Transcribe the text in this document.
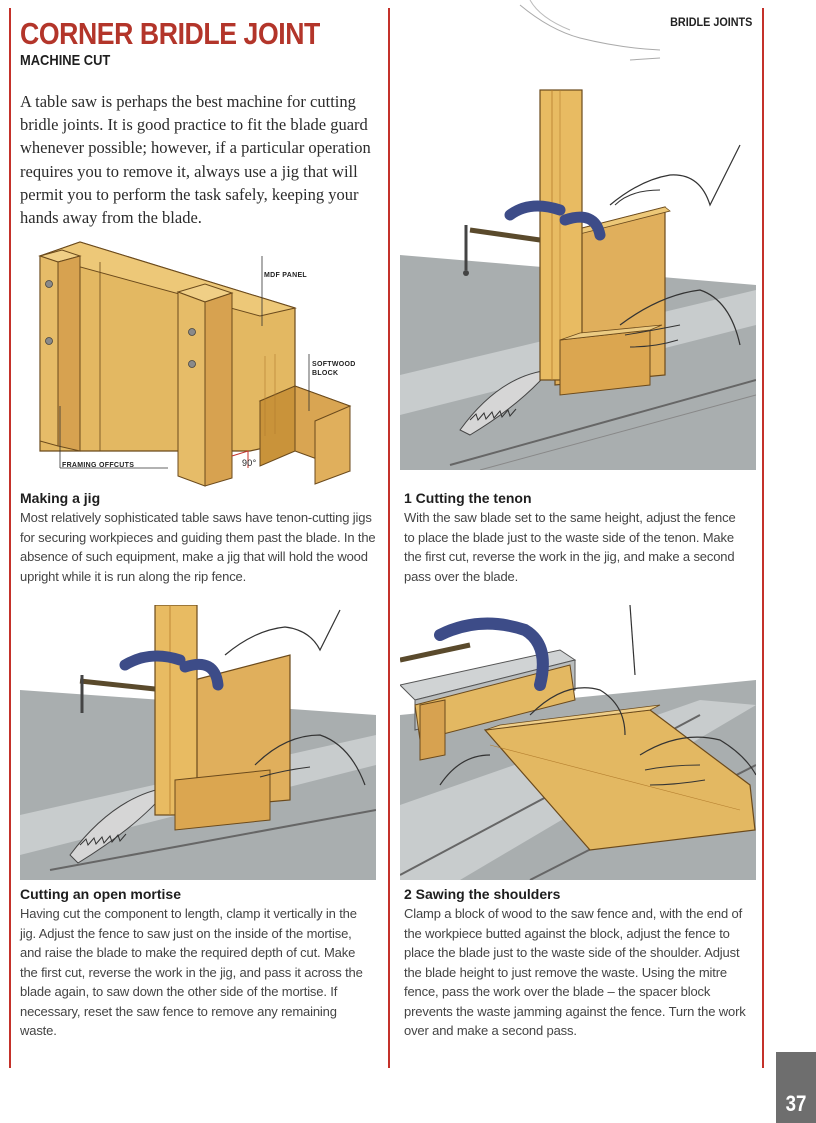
CORNER BRIDLE JOINT
MACHINE CUT
BRIDLE JOINTS

A table saw is perhaps the best machine for cutting bridle joints. It is good practice to fit the blade guard whenever possible; however, if a particular operation requires you to remove it, always use a jig that will permit you to perform the task safely, keeping your hands away from the blade.

MDF PANEL
SOFTWOOD BLOCK
FRAMING OFFCUTS	90°
Making a jig

Most relatively sophisticated table saws have tenon-cutting jigs for securing workpieces and guiding them past the blade. In the absence of such equipment, make a jig that will hold the wood upright while it is run along the rip fence.

1 Cutting the tenon

With the saw blade set to the same height, adjust the fence to place the blade just to the waste side of the tenon. Make the first cut, reverse the work in the jig, and make a second pass over the blade.

Cutting an open mortise

Having cut the component to length, clamp it vertically in the jig. Adjust the fence to saw just on the inside of the mortise, and raise the blade to make the required depth of cut. Make the first cut, reverse the work in the jig, and pass it across the blade again, to saw down the other side of the mortise. If necessary, reset the saw fence to remove any remaining waste.

2 Sawing the shoulders

Clamp a block of wood to the saw fence and, with the end of the workpiece butted against the block, adjust the fence to place the blade just to the waste side of the shoulder. Adjust the blade height to just remove the waste. Using the mitre fence, pass the work over the blade – the spacer block prevents the waste jamming against the fence. Turn the work over and make a second pass.

37
